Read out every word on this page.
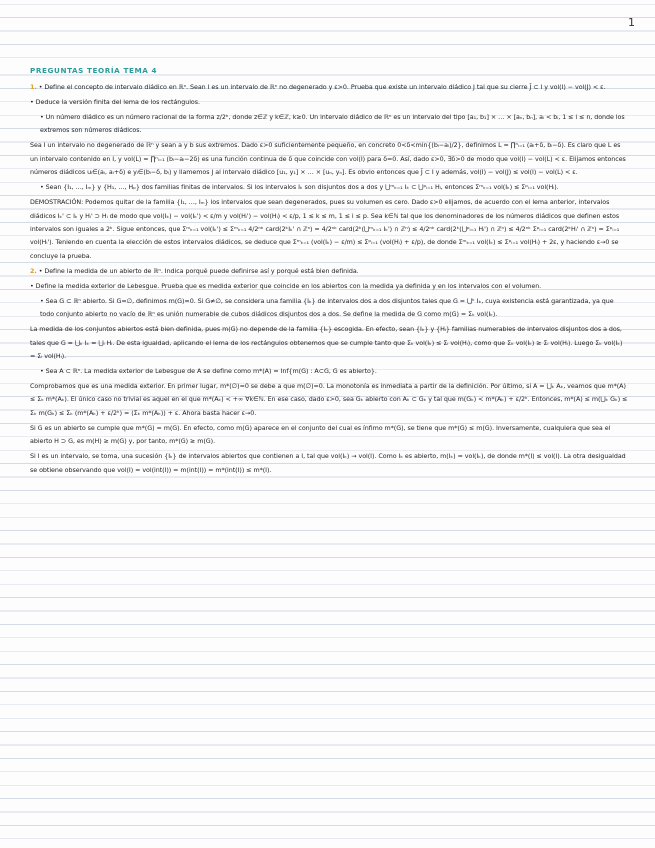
1
PREGUNTAS TEORÍA TEMA 4

1. • Define el concepto de intervalo diádico en ℝⁿ. Sean I es un intervalo de ℝⁿ no degenerado y ε>0. Prueba que existe un intervalo diádico J tal que su cierre J̄ ⊂ I y vol(I) − vol(J) < ε.

• Deduce la versión finita del lema de los rectángulos.

• Un número diádico es un número racional de la forma z/2ᵏ, donde z∈ℤ y k∈ℤ, k≥0. Un intervalo diádico de ℝⁿ es un intervalo del tipo [a₁, b₁] × … × [aₙ, bₙ], aᵢ < bᵢ, 1 ≤ i ≤ n, donde los extremos son números diádicos.

Sea I un intervalo no degenerado de ℝⁿ y sean a y b sus extremos. Dado ε>0 suficientemente pequeño, en concreto 0<δ<min{(bᵢ−aᵢ)/2}, definimos L = ∏ⁿᵢ₌₁ (aᵢ+δ, bᵢ−δ). Es claro que L es un intervalo contenido en I, y vol(L) = ∏ⁿᵢ₌₁ (bᵢ−aᵢ−2δ) es una función continua de δ que coincide con vol(I) para δ=0. Así, dado ε>0, ∃δ>0 de modo que vol(I) − vol(L) < ε. Elijamos entonces números diádicos uᵢ∈(aᵢ, aᵢ+δ) e yᵢ∈(bᵢ−δ, bᵢ) y llamemos J al intervalo diádico [u₁, y₁] × … × [uₙ, yₙ]. Es obvio entonces que J̄ ⊂ I y además, vol(I) − vol(J) ≤ vol(I) − vol(L) < ε.

• Sean {I₁, …, Iₘ} y {H₁, …, Hₚ} dos familias finitas de intervalos. Si los intervalos Iₖ son disjuntos dos a dos y ⋃ᵐₖ₌₁ Iₖ ⊂ ⋃ᵖᵢ₌₁ Hᵢ, entonces Σᵐₖ₌₁ vol(Iₖ) ≤ Σᵖᵢ₌₁ vol(Hᵢ).

DEMOSTRACIÓN: Podemos quitar de la familia {I₁, …, Iₘ} los intervalos que sean degenerados, pues su volumen es cero. Dado ε>0 elijamos, de acuerdo con el lema anterior, intervalos diádicos Iₖ' ⊂ Iₖ y Hᵢ' ⊃ Hᵢ de modo que vol(Iₖ) − vol(Iₖ') < ε/m y vol(Hᵢ') − vol(Hᵢ) < ε/p, 1 ≤ k ≤ m, 1 ≤ i ≤ p. Sea k∈ℕ tal que los denominadores de los números diádicos que definen estos intervalos son iguales a 2ᵏ. Sigue entonces, que Σᵐₖ₌₁ vol(Iₖ') ≤ Σᵐₖ₌₁ 4/2ⁿᵏ card(2ᵏIₖ' ∩ ℤⁿ) = 4/2ⁿᵏ card(2ᵏ(⋃ᵐₖ₌₁ Iₖ') ∩ ℤⁿ) ≤ 4/2ⁿᵏ card(2ᵏ(⋃ᵖᵢ₌₁ Hᵢ') ∩ ℤⁿ) ≤ 4/2ⁿᵏ Σᵖᵢ₌₁ card(2ᵏHᵢ' ∩ ℤⁿ) = Σᵖᵢ₌₁ vol(Hᵢ'). Teniendo en cuenta la elección de estos intervalos diádicos, se deduce que Σᵐₖ₌₁ (vol(Iₖ) − ε/m) ≤ Σᵖᵢ₌₁ (vol(Hᵢ) + ε/p), de donde Σᵐₖ₌₁ vol(Iₖ) ≤ Σᵖᵢ₌₁ vol(Hᵢ) + 2ε, y haciendo ε→0 se concluye la prueba.

2. • Define la medida de un abierto de ℝⁿ. Indica porqué puede definirse así y porqué está bien definida.

• Define la medida exterior de Lebesgue. Prueba que es medida exterior que coincide en los abiertos con la medida ya definida y en los intervalos con el volumen.

• Sea G ⊂ ℝⁿ abierto. Si G=∅, definimos m(G)=0. Si G≠∅, se considera una familia {Iₖ} de intervalos dos a dos disjuntos tales que G = ⋃ᵏ Iₖ, cuya existencia está garantizada, ya que todo conjunto abierto no vacío de ℝⁿ es unión numerable de cubos diádicos disjuntos dos a dos. Se define la medida de G como m(G) = Σₖ vol(Iₖ).

La medida de los conjuntos abiertos está bien definida, pues m(G) no depende de la familia {Iₖ} escogida. En efecto, sean {Iₖ} y {Hᵢ} familias numerables de intervalos disjuntos dos a dos, tales que G = ⋃ₖ Iₖ = ⋃ᵢ Hᵢ. De esta igualdad, aplicando el lema de los rectángulos obtenemos que se cumple tanto que Σₖ vol(Iₖ) ≤ Σᵢ vol(Hᵢ), como que Σₖ vol(Iₖ) ≥ Σᵢ vol(Hᵢ). Luego Σₖ vol(Iₖ) = Σᵢ vol(Hᵢ).

• Sea A ⊂ ℝⁿ. La medida exterior de Lebesgue de A se define como m*(A) = Inf{m(G) : A⊂G, G es abierto}.

Comprobamos que es una medida exterior. En primer lugar, m*(∅)=0 se debe a que m(∅)=0. La monotonía es inmediata a partir de la definición. Por último, si A = ⋃ₖ Aₖ, veamos que m*(A) ≤ Σₖ m*(Aₖ). El único caso no trivial es aquel en el que m*(Aₖ) < +∞ ∀k∈ℕ. En ese caso, dado ε>0, sea Gₖ abierto con Aₖ ⊂ Gₖ y tal que m(Gₖ) < m*(Aₖ) + ε/2ᵏ. Entonces, m*(A) ≤ m(⋃ₖ Gₖ) ≤ Σₖ m(Gₖ) ≤ Σₖ (m*(Aₖ) + ε/2ᵏ) = (Σₖ m*(Aₖ)) + ε. Ahora basta hacer ε→0.

Si G es un abierto se cumple que m*(G) = m(G). En efecto, como m(G) aparece en el conjunto del cual es ínfimo m*(G), se tiene que m*(G) ≤ m(G). Inversamente, cualquiera que sea el abierto H ⊃ G, es m(H) ≥ m(G) y, por tanto, m*(G) ≥ m(G).

Si I es un intervalo, se toma, una sucesión {Iₖ} de intervalos abiertos que contienen a I, tal que vol(Iₖ) → vol(I). Como Iₖ es abierto, m(Iₖ) = vol(Iₖ), de donde m*(I) ≤ vol(I). La otra desigualdad se obtiene observando que vol(I) = vol(int(I)) = m(int(I)) = m*(int(I)) ≤ m*(I).
